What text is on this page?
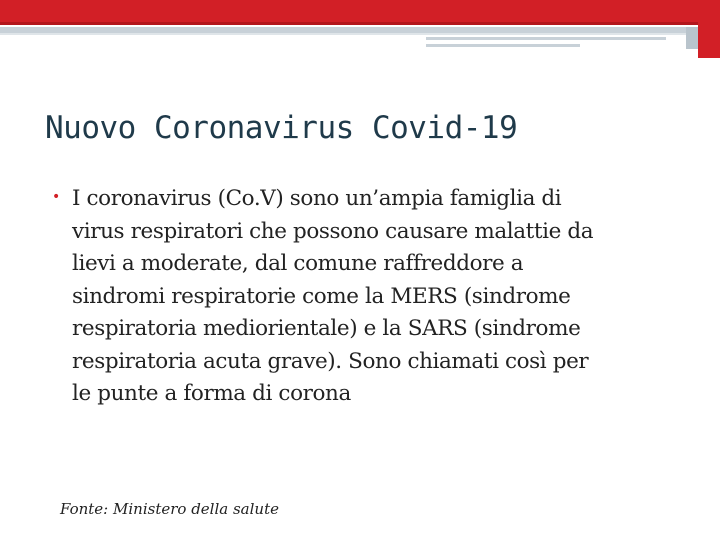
Nuovo Coronavirus Covid-19
• I coronavirus (Co.V) sono un’ampia famiglia di
virus respiratori che possono causare malattie da
lievi a moderate, dal comune raffreddore a
sindromi respiratorie come la MERS (sindrome
respiratoria mediorientale) e la SARS (sindrome
respiratoria acuta grave). Sono chiamati così per
le punte a forma di corona
Fonte: Ministero della salute
